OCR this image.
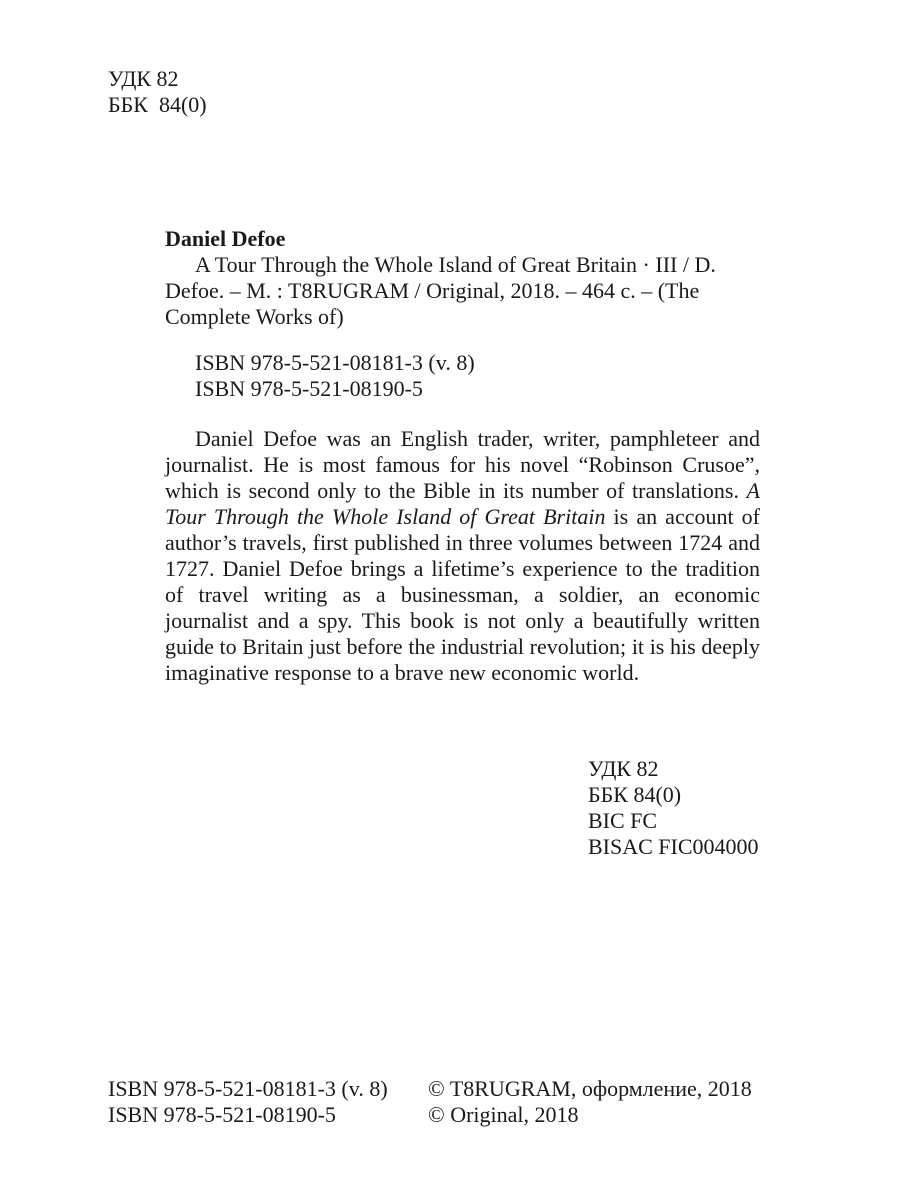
УДК 82
ББК  84(0)
Daniel Defoe

A Tour Through the Whole Island of Great Britain · III / D. Defoe. – M. : T8RUGRAM / Original, 2018. – 464 с. – (The Complete Works of)

ISBN 978-5-521-08181-3 (v. 8)
ISBN 978-5-521-08190-5

Daniel Defoe was an English trader, writer, pamphleteer and journalist. He is most famous for his novel “Robinson Crusoe”, which is second only to the Bible in its number of translations. A Tour Through the Whole Island of Great Britain is an account of author’s travels, first published in three volumes between 1724 and 1727. Daniel Defoe brings a lifetime’s experience to the tradition of travel writing as a businessman, a soldier, an economic journalist and a spy. This book is not only a beautifully written guide to Britain just before the industrial revolution; it is his deeply imaginative response to a brave new economic world.

УДК 82
ББК 84(0)
BIC FC
BISAC FIC004000
ISBN 978-5-521-08181-3 (v. 8)
ISBN 978-5-521-08190-5
© T8RUGRAM, оформление, 2018
© Original, 2018
